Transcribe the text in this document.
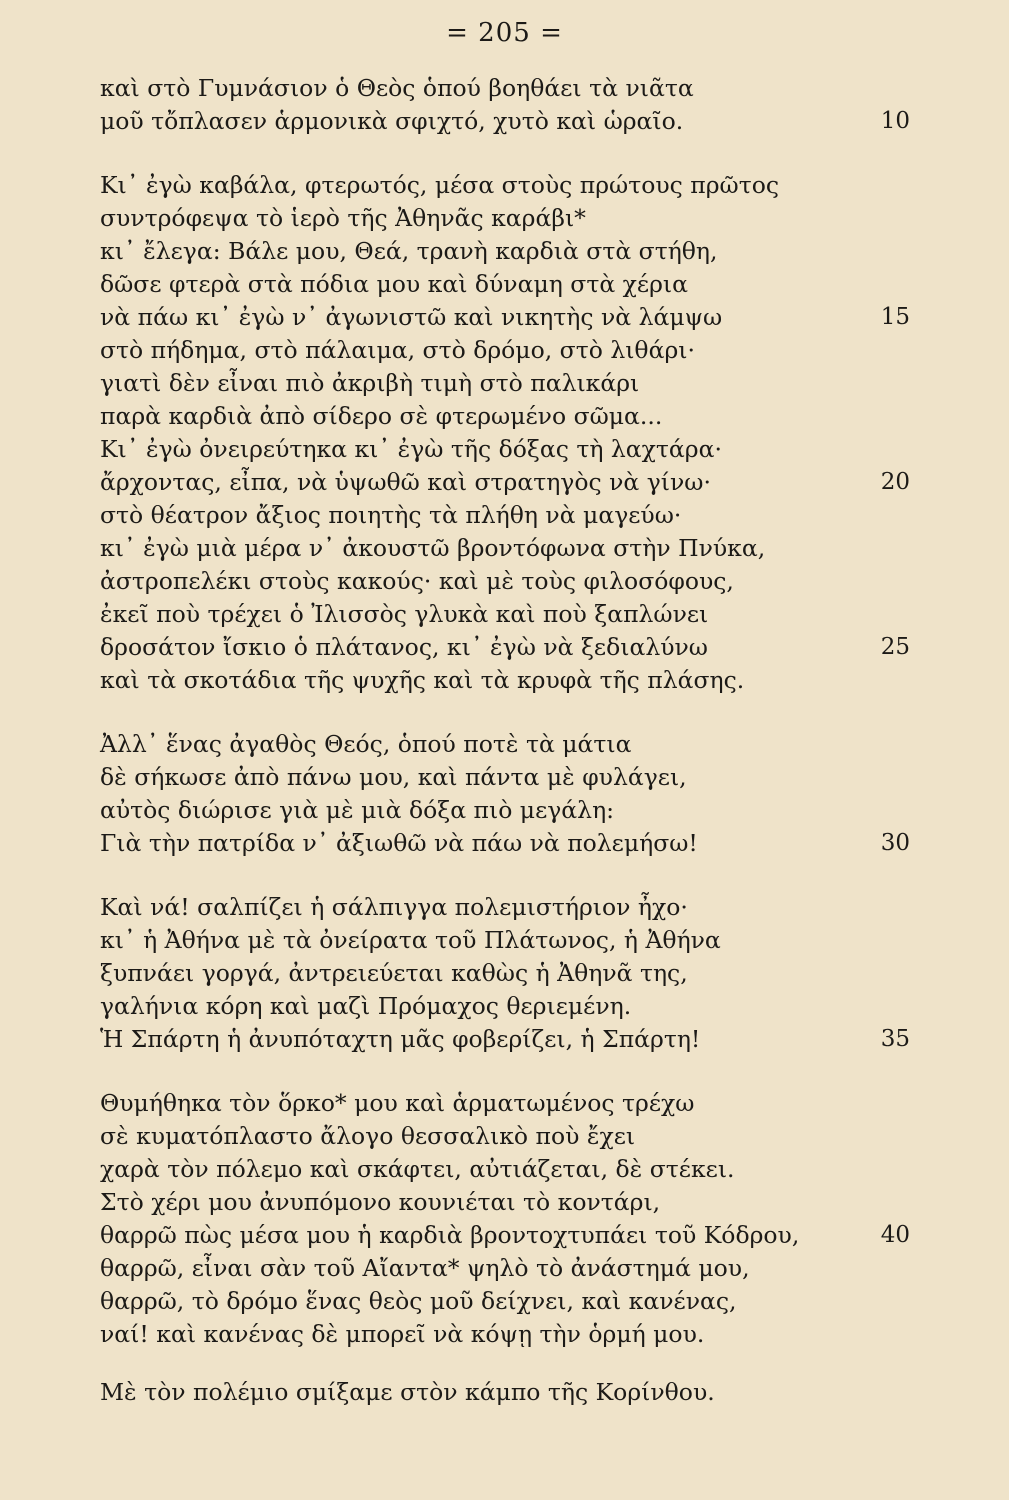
= 205 =
καὶ στὸ Γυμνάσιον ὁ Θεὸς ὁπού βοηθάει τὰ νιᾶτα
μοῦ τὄπλασεν ἁρμονικὰ σφιχτό, χυτὸ καὶ ὡραῖο.	10
Κι᾿ ἐγὼ καβάλα, φτερωτός, μέσα στοὺς πρώτους πρῶτος
συντρόφεψα τὸ ἱερὸ τῆς Ἀθηνᾶς καράβι*
κι᾿ ἔλεγα: Βάλε μου, Θεά, τρανὴ καρδιὰ στὰ στήθη,
δῶσε φτερὰ στὰ πόδια μου καὶ δύναμη στὰ χέρια
νὰ πάω κι᾿ ἐγὼ ν᾿ ἀγωνιστῶ καὶ νικητὴς νὰ λάμψω	15
στὸ πήδημα, στὸ πάλαιμα, στὸ δρόμο, στὸ λιθάρι·
γιατὶ δὲν εἶναι πιὸ ἀκριβὴ τιμὴ στὸ παλικάρι
παρὰ καρδιὰ ἀπὸ σίδερο σὲ φτερωμένο σῶμα...
Κι᾿ ἐγὼ ὀνειρεύτηκα κι᾿ ἐγὼ τῆς δόξας τὴ λαχτάρα·
ἄρχοντας, εἶπα, νὰ ὑψωθῶ καὶ στρατηγὸς νὰ γίνω·	20
στὸ θέατρον ἄξιος ποιητὴς τὰ πλήθη νὰ μαγεύω·
κι᾿ ἐγὼ μιὰ μέρα ν᾿ ἀκουστῶ βροντόφωνα στὴν Πνύκα,
ἀστροπελέκι στοὺς κακούς· καὶ μὲ τοὺς φιλοσόφους,
ἐκεῖ ποὺ τρέχει ὁ Ἰλισσὸς γλυκὰ καὶ ποὺ ξαπλώνει
δροσάτον ἴσκιο ὁ πλάτανος, κι᾿ ἐγὼ νὰ ξεδιαλύνω	25
καὶ τὰ σκοτάδια τῆς ψυχῆς καὶ τὰ κρυφὰ τῆς πλάσης.
Ἀλλ᾿ ἕνας ἀγαθὸς Θεός, ὁπού ποτὲ τὰ μάτια
δὲ σήκωσε ἀπὸ πάνω μου, καὶ πάντα μὲ φυλάγει,
αὐτὸς διώρισε γιὰ μὲ μιὰ δόξα πιὸ μεγάλη:
Γιὰ τὴν πατρίδα ν᾿ ἀξιωθῶ νὰ πάω νὰ πολεμήσω!	30
Καὶ νά! σαλπίζει ἡ σάλπιγγα πολεμιστήριον ἦχο·
κι᾿ ἡ Ἀθήνα μὲ τὰ ὀνείρατα τοῦ Πλάτωνος, ἡ Ἀθήνα
ξυπνάει γοργά, ἀντρειεύεται καθὼς ἡ Ἀθηνᾶ της,
γαλήνια κόρη καὶ μαζὶ Πρόμαχος θεριεμένη.
Ἡ Σπάρτη ἡ ἀνυπόταχτη μᾶς φοβερίζει, ἡ Σπάρτη!	35
Θυμήθηκα τὸν ὅρκο* μου καὶ ἁρματωμένος τρέχω
σὲ κυματόπλαστο ἄλογο θεσσαλικὸ ποὺ ἔχει
χαρὰ τὸν πόλεμο καὶ σκάφτει, αὐτιάζεται, δὲ στέκει.
Στὸ χέρι μου ἀνυπόμονο κουνιέται τὸ κοντάρι,
θαρρῶ πὼς μέσα μου ἡ καρδιὰ βροντοχτυπάει τοῦ Κόδρου,	40
θαρρῶ, εἶναι σὰν τοῦ Αἴαντα* ψηλὸ τὸ ἀνάστημά μου,
θαρρῶ, τὸ δρόμο ἕνας θεὸς μοῦ δείχνει, καὶ κανένας,
ναί! καὶ κανένας δὲ μπορεῖ νὰ κόψῃ τὴν ὁρμή μου.
Μὲ τὸν πολέμιο σμίξαμε στὸν κάμπο τῆς Κορίνθου.
